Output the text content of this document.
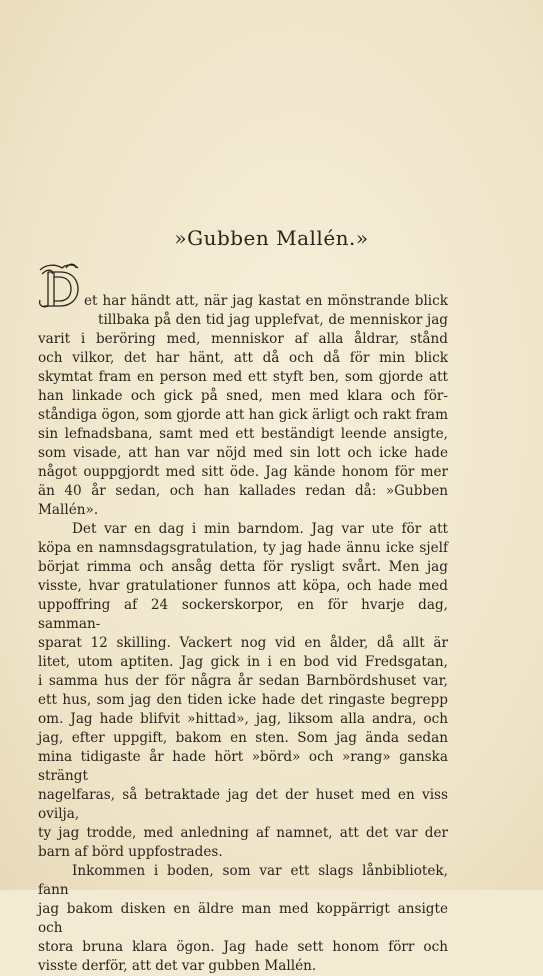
»Gubben Mallén.»

et har händt att, när jag kastat en mönstrande blick
tillbaka på den tid jag upplefvat, de menniskor jag
varit i beröring med, menniskor af alla åldrar, stånd
och vilkor, det har hänt, att då och då för min blick
skymtat fram en person med ett styft ben, som gjorde att
han linkade och gick på sned, men med klara och för-
ståndiga ögon, som gjorde att han gick ärligt och rakt fram
sin lefnadsbana, samt med ett beständigt leende ansigte,
som visade, att han var nöjd med sin lott och icke hade
något ouppgjordt med sitt öde. Jag kände honom för mer
än 40 år sedan, och han kallades redan då: »Gubben Mallén».

Det var en dag i min barndom. Jag var ute för att
köpa en namnsdagsgratulation, ty jag hade ännu icke sjelf
börjat rimma och ansåg detta för rysligt svårt. Men jag
visste, hvar gratulationer funnos att köpa, och hade med
uppoffring af 24 sockerskorpor, en för hvarje dag, samman-
sparat 12 skilling. Vackert nog vid en ålder, då allt är
litet, utom aptiten. Jag gick in i en bod vid Fredsgatan,
i samma hus der för några år sedan Barnbördshuset var,
ett hus, som jag den tiden icke hade det ringaste begrepp
om. Jag hade blifvit »hittad», jag, liksom alla andra, och
jag, efter uppgift, bakom en sten. Som jag ända sedan
mina tidigaste år hade hört »börd» och »rang» ganska strängt
nagelfaras, så betraktade jag det der huset med en viss ovilja,
ty jag trodde, med anledning af namnet, att det var der
barn af börd uppfostrades.

Inkommen i boden, som var ett slags lånbibliotek, fann
jag bakom disken en äldre man med koppärrigt ansigte och
stora bruna klara ögon. Jag hade sett honom förr och
visste derför, att det var gubben Mallén.
